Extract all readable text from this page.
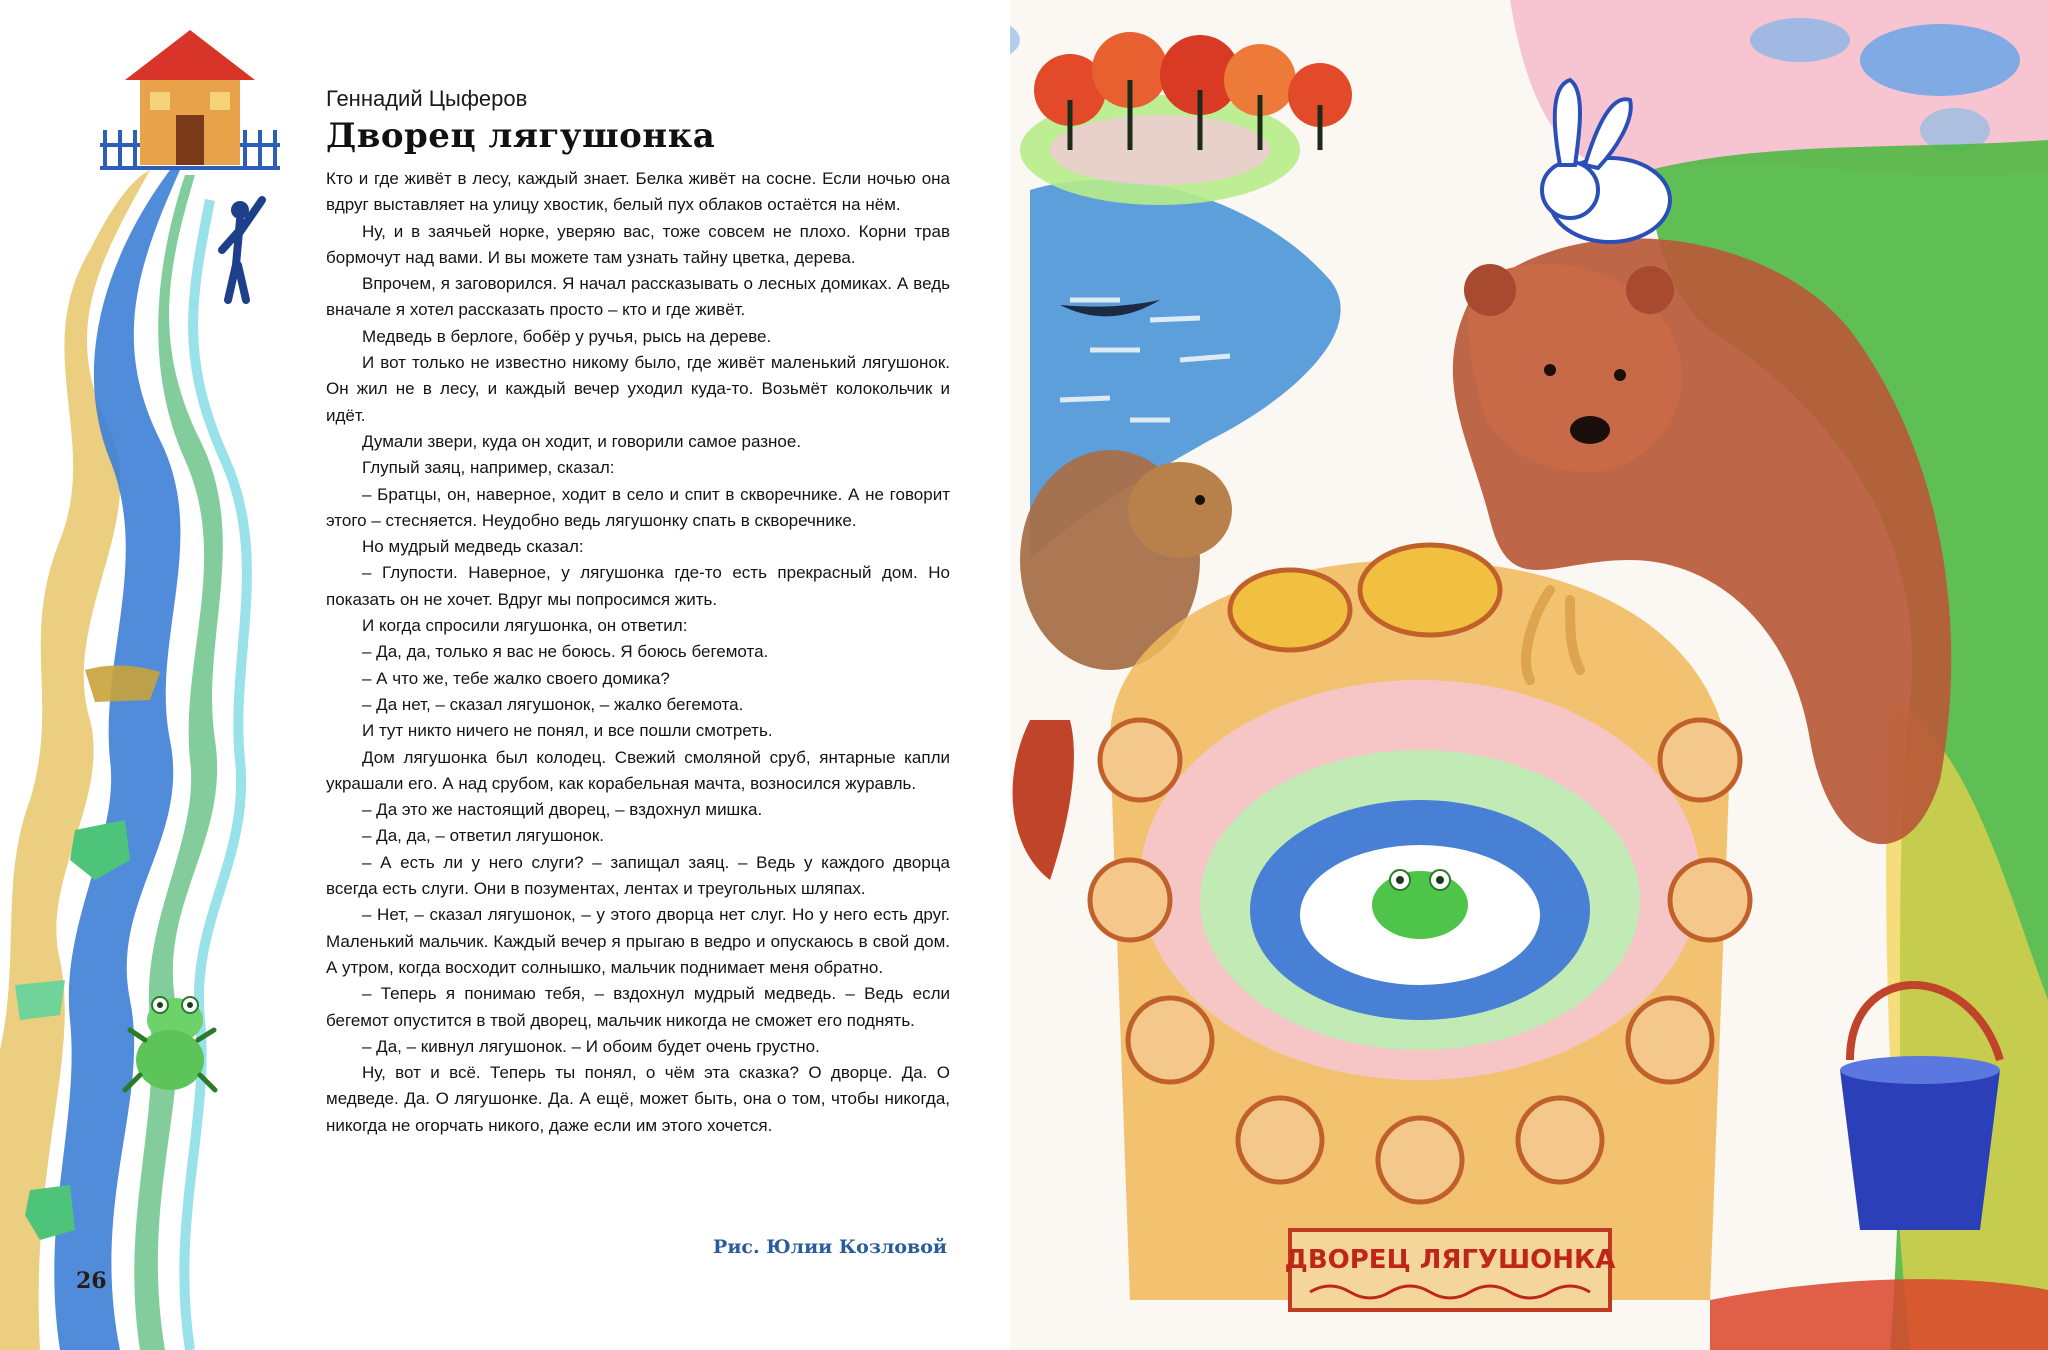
Геннадий Цыферов

Дворец лягушонка

Кто и где живёт в лесу, каждый знает. Белка живёт на сосне. Если ночью она вдруг выставляет на улицу хвостик, белый пух облаков остаётся на нём.

Ну, и в заячьей норке, уверяю вас, тоже совсем не плохо. Корни трав бормочут над вами. И вы можете там узнать тайну цветка, дерева.

Впрочем, я заговорился. Я начал рассказывать о лесных домиках. А ведь вначале я хотел рассказать просто – кто и где живёт.

Медведь в берлоге, бобёр у ручья, рысь на дереве.

И вот только не известно никому было, где живёт маленький лягушонок. Он жил не в лесу, и каждый вечер уходил куда-то. Возьмёт колокольчик и идёт.

Думали звери, куда он ходит, и говорили самое разное.

Глупый заяц, например, сказал:

– Братцы, он, наверное, ходит в село и спит в скворечнике. А не говорит этого – стесняется. Неудобно ведь лягушонку спать в скворечнике.

Но мудрый медведь сказал:

– Глупости. Наверное, у лягушонка где-то есть прекрасный дом. Но показать он не хочет. Вдруг мы попросимся жить.

И когда спросили лягушонка, он ответил:

– Да, да, только я вас не боюсь. Я боюсь бегемота.

– А что же, тебе жалко своего домика?

– Да нет, – сказал лягушонок, – жалко бегемота.

И тут никто ничего не понял, и все пошли смотреть.

Дом лягушонка был колодец. Свежий смоляной сруб, янтарные капли украшали его. А над срубом, как корабельная мачта, возносился журавль.

– Да это же настоящий дворец, – вздохнул мишка.

– Да, да, – ответил лягушонок.

– А есть ли у него слуги? – запищал заяц. – Ведь у каждого дворца всегда есть слуги. Они в позументах, лентах и треугольных шляпах.

– Нет, – сказал лягушонок, – у этого дворца нет слуг. Но у него есть друг. Маленький мальчик. Каждый вечер я прыгаю в ведро и опускаюсь в свой дом. А утром, когда восходит солнышко, мальчик поднимает меня обратно.

– Теперь я понимаю тебя, – вздохнул мудрый медведь. – Ведь если бегемот опустится в твой дворец, мальчик никогда не сможет его поднять.

– Да, – кивнул лягушонок. – И обоим будет очень грустно.

Ну, вот и всё. Теперь ты понял, о чём эта сказка? О дворце. Да. О медведе. Да. О лягушонке. Да. А ещё, может быть, она о том, чтобы никогда, никогда не огорчать никого, даже если им этого хочется.

Рис. Юлии Козловой
26
ДВОРЕЦ ЛЯГУШОНКА
